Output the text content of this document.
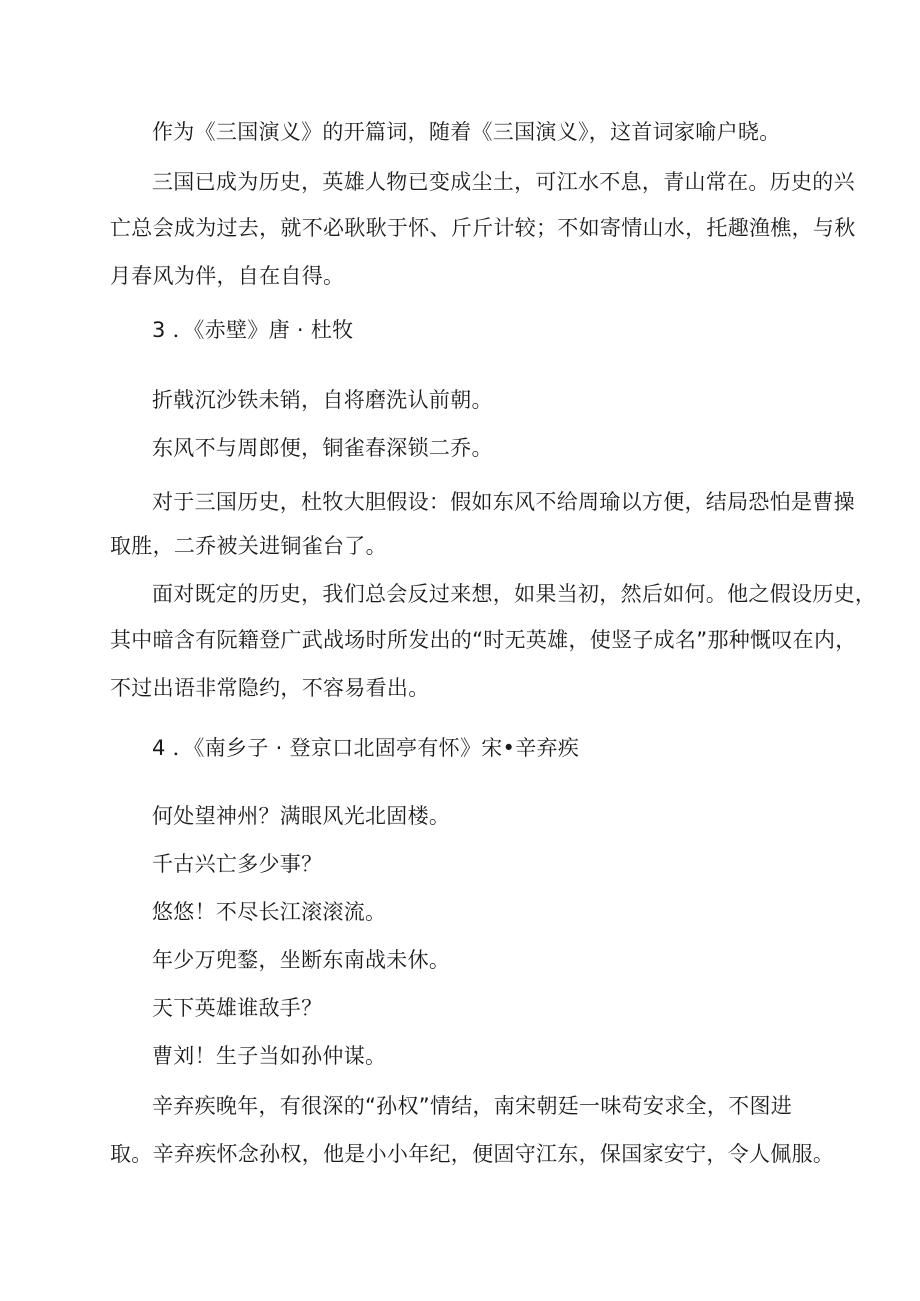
作为《三国演义》的开篇词，随着《三国演义》，这首词家喻户晓。
三国已成为历史，英雄人物已变成尘土，可江水不息，青山常在。历史的兴
亡总会成为过去，就不必耿耿于怀、斤斤计较；不如寄情山水，托趣渔樵，与秋
月春风为伴，自在自得。
3 ．《赤壁》唐 · 杜牧
折戟沉沙铁未销，自将磨洗认前朝。
东风不与周郎便，铜雀春深锁二乔。
对于三国历史，杜牧大胆假设：假如东风不给周瑜以方便，结局恐怕是曹操
取胜，二乔被关进铜雀台了。
面对既定的历史，我们总会反过来想，如果当初，然后如何。他之假设历史，
其中暗含有阮籍登广武战场时所发出的“时无英雄，使竖子成名”那种慨叹在内，
不过出语非常隐约，不容易看出。
4 ．《南乡子 · 登京口北固亭有怀》宋•辛弃疾
何处望神州？满眼风光北固楼。
千古兴亡多少事？
悠悠！不尽长江滚滚流。
年少万兜鍪，坐断东南战未休。
天下英雄谁敌手？
曹刘！生子当如孙仲谋。
辛弃疾晚年，有很深的“孙权”情结，南宋朝廷一味苟安求全，不图进
取。辛弃疾怀念孙权，他是小小年纪，便固守江东，保国家安宁，令人佩服。
